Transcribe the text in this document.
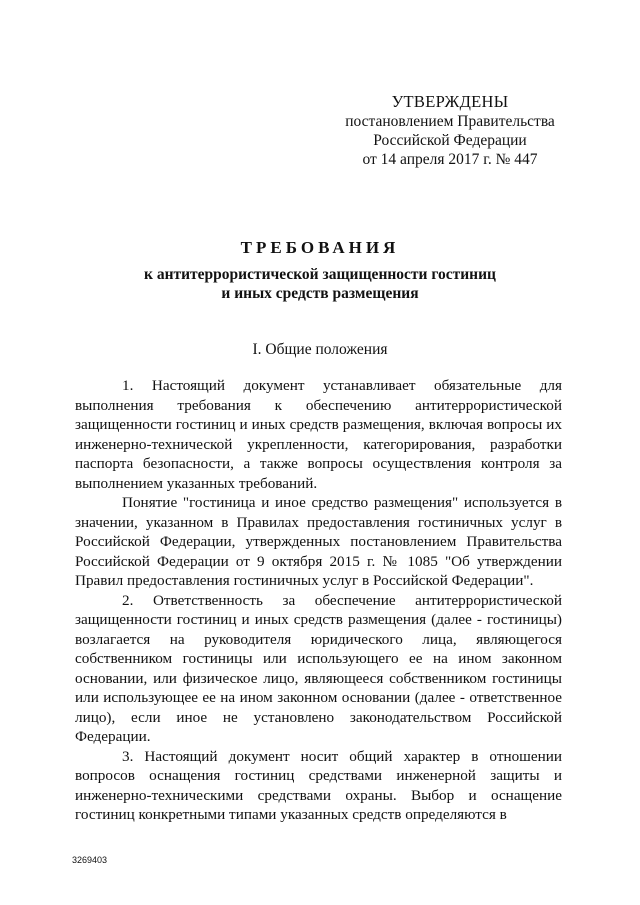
УТВЕРЖДЕНЫ
постановлением Правительства
Российской Федерации
от 14 апреля 2017 г. № 447
ТРЕБОВАНИЯ
к антитеррористической защищенности гостиниц
и иных средств размещения
I. Общие положения

1. Настоящий документ устанавливает обязательные для выполнения требования к обеспечению антитеррористической защищенности гостиниц и иных средств размещения, включая вопросы их инженерно-технической укрепленности, категорирования, разработки паспорта безопасности, а также вопросы осуществления контроля за выполнением указанных требований.

Понятие "гостиница и иное средство размещения" используется в значении, указанном в Правилах предоставления гостиничных услуг в Российской Федерации, утвержденных постановлением Правительства Российской Федерации от 9 октября 2015 г. № 1085 "Об утверждении Правил предоставления гостиничных услуг в Российской Федерации".

2. Ответственность за обеспечение антитеррористической защищенности гостиниц и иных средств размещения (далее - гостиницы) возлагается на руководителя юридического лица, являющегося собственником гостиницы или использующего ее на ином законном основании, или физическое лицо, являющееся собственником гостиницы или использующее ее на ином законном основании (далее - ответственное лицо), если иное не установлено законодательством Российской Федерации.

3. Настоящий документ носит общий характер в отношении вопросов оснащения гостиниц средствами инженерной защиты и инженерно-техническими средствами охраны. Выбор и оснащение гостиниц конкретными типами указанных средств определяются в

3269403
